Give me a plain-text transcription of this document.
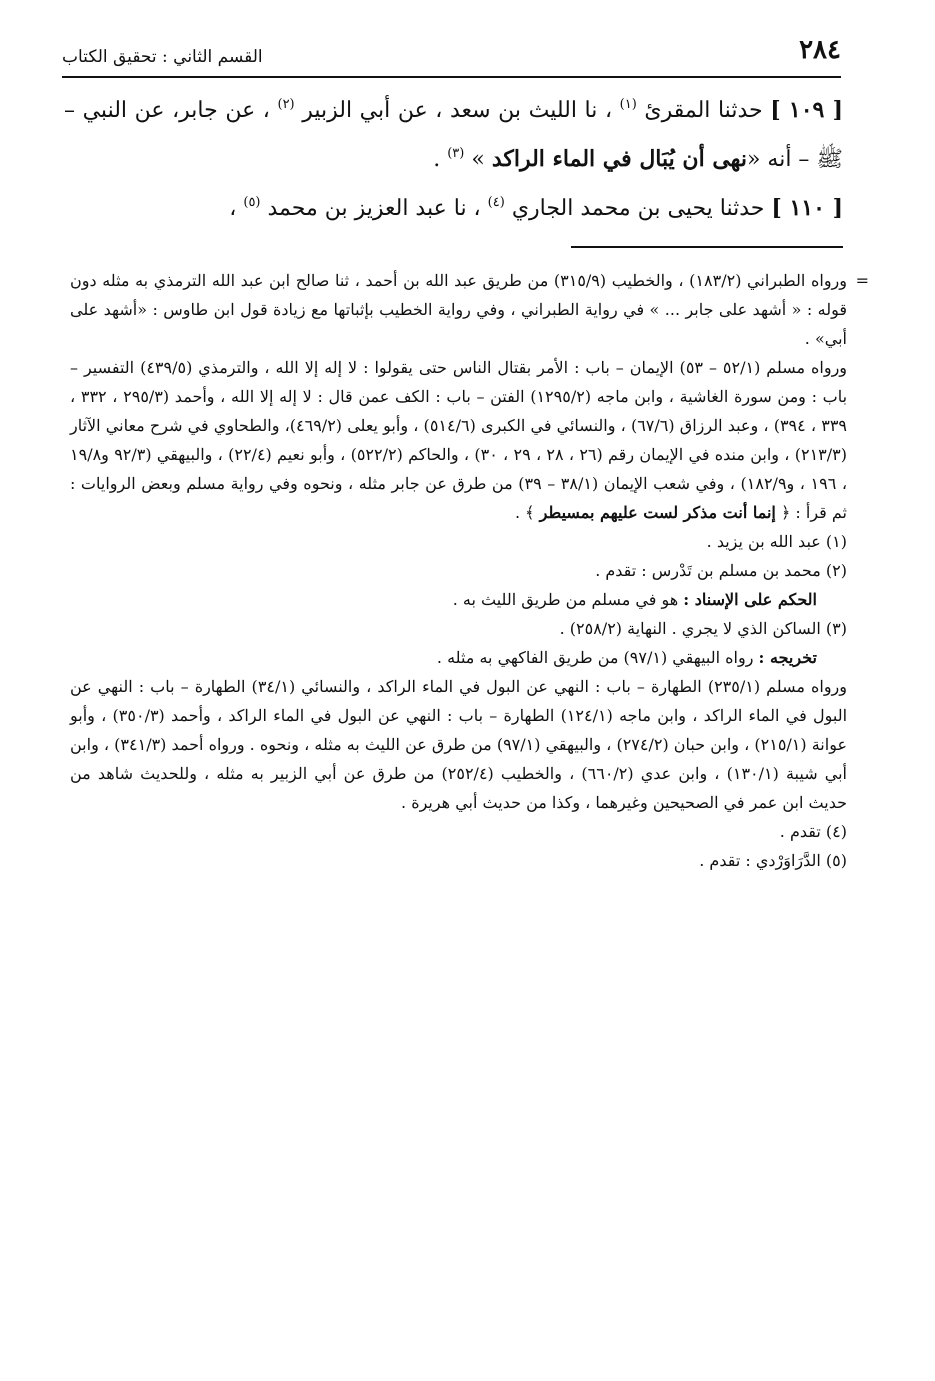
٢٨٤
القسم الثاني : تحقيق الكتاب

[ ١٠٩ ] حدثنا المقرئ $^{(١)}$ ، نا الليث بن سعد ، عن أبي الزبير $^{(٢)}$ ، عن جابر، عن النبي – ﷺ – أنه «نهى أن يُبَال في الماء الراكد » $^{(٣)}$ .

[ ١١٠ ] حدثنا يحيى بن محمد الجاري $^{(٤)}$ ، نا عبد العزيز بن محمد $^{(٥)}$ ،

=

ورواه الطبراني (١٨٣/٢) ، والخطيب (٣١٥/٩) من طريق عبد الله بن أحمد ، ثنا صالح ابن عبد الله الترمذي به مثله دون قوله : « أشهد على جابر ... » في رواية الطبراني ، وفي رواية الخطيب بإثباتها مع زيادة قول ابن طاوس : «أشهد على أبي» .

ورواه مسلم (٥٢/١ – ٥٣) الإيمان – باب : الأمر بقتال الناس حتى يقولوا : لا إله إلا الله ، والترمذي (٤٣٩/٥) التفسير – باب : ومن سورة الغاشية ، وابن ماجه (١٢٩٥/٢) الفتن – باب : الكف عمن قال : لا إله إلا الله ، وأحمد (٢٩٥/٣ ، ٣٣٢ ، ٣٣٩ ، ٣٩٤) ، وعبد الرزاق (٦٧/٦) ، والنسائي في الكبرى (٥١٤/٦) ، وأبو يعلى (٤٦٩/٢)، والطحاوي في شرح معاني الآثار (٢١٣/٣) ، وابن منده في الإيمان رقم (٢٦ ، ٢٨ ، ٢٩ ، ٣٠) ، والحاكم (٥٢٢/٢) ، وأبو نعيم (٢٢/٤) ، والبيهقي (٩٢/٣ و١٩/٨ ، ١٩٦ ، و١٨٢/٩) ، وفي شعب الإيمان (٣٨/١ – ٣٩) من طرق عن جابر مثله ، ونحوه وفي رواية مسلم وبعض الروايات : ثم قرأ : ﴿ إنما أنت مذكر لست عليهم بمسيطر ﴾ .

(١) عبد الله بن يزيد .

(٢) محمد بن مسلم بن تَدْرس : تقدم .

الحكم على الإسناد : هو في مسلم من طريق الليث به .

(٣) الساكن الذي لا يجري . النهاية (٢٥٨/٢) .

تخريجه : رواه البيهقي (٩٧/١) من طريق الفاكهي به مثله .

ورواه مسلم (٢٣٥/١) الطهارة – باب : النهي عن البول في الماء الراكد ، والنسائي (٣٤/١) الطهارة – باب : النهي عن البول في الماء الراكد ، وابن ماجه (١٢٤/١) الطهارة – باب : النهي عن البول في الماء الراكد ، وأحمد (٣٥٠/٣) ، وأبو عوانة (٢١٥/١) ، وابن حبان (٢٧٤/٢) ، والبيهقي (٩٧/١) من طرق عن الليث به مثله ، ونحوه . ورواه أحمد (٣٤١/٣) ، وابن أبي شيبة (١٣٠/١) ، وابن عدي (٦٦٠/٢) ، والخطيب (٢٥٢/٤) من طرق عن أبي الزبير به مثله ، وللحديث شاهد من حديث ابن عمر في الصحيحين وغيرهما ، وكذا من حديث أبي هريرة .

(٤) تقدم .

(٥) الدَّرَاوَرْدي : تقدم .
